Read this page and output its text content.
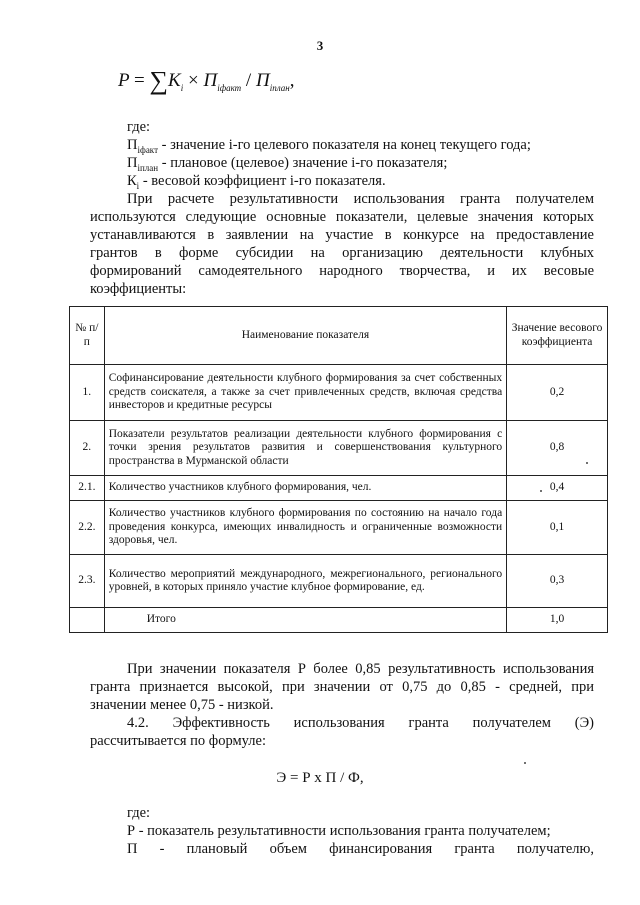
3
$P = \sum K_i \times П_{iфакт} / П_{iплан}$,
где:
$П_{iфакт}$ - значение i-го целевого показателя на конец текущего года;
$П_{iплан}$ - плановое (целевое) значение i-го показателя;
$К_i$ - весовой коэффициент i-го показателя.
При расчете результативности использования гранта получателем
используются следующие основные показатели, целевые значения которых
устанавливаются в заявлении на участие в конкурсе на предоставление
грантов в форме субсидии на организацию деятельности клубных
формирований самодеятельного народного творчества, и их весовые
коэффициенты:
№ п/п	Наименование показателя	Значение весового коэффициента
1.	Софинансирование деятельности клубного формирования за счет собственных средств соискателя, а также за счет привлеченных средств, включая средства инвесторов и кредитные ресурсы	0,2
2.	Показатели результатов реализации деятельности клубного формирования с точки зрения результатов развития и совершенствования культурного пространства в Мурманской области	0,8
2.1.	Количество участников клубного формирования, чел.	0,4
2.2.	Количество участников клубного формирования по состоянию на начало года проведения конкурса, имеющих инвалидность и ограниченные возможности здоровья, чел.	0,1
2.3.	Количество мероприятий международного, межрегионального, регионального уровней, в которых приняло участие клубное формирование, ед.	0,3
	Итого	1,0
При значении показателя Р более 0,85 результативность использования
гранта признается высокой, при значении от 0,75 до 0,85 - средней, при
значении менее 0,75 - низкой.
4.2. Эффективность использования гранта получателем (Э)
рассчитывается по формуле:
Э = Р х П / Ф,
где:
Р - показатель результативности использования гранта получателем;
П - плановый объем финансирования гранта получателю,
